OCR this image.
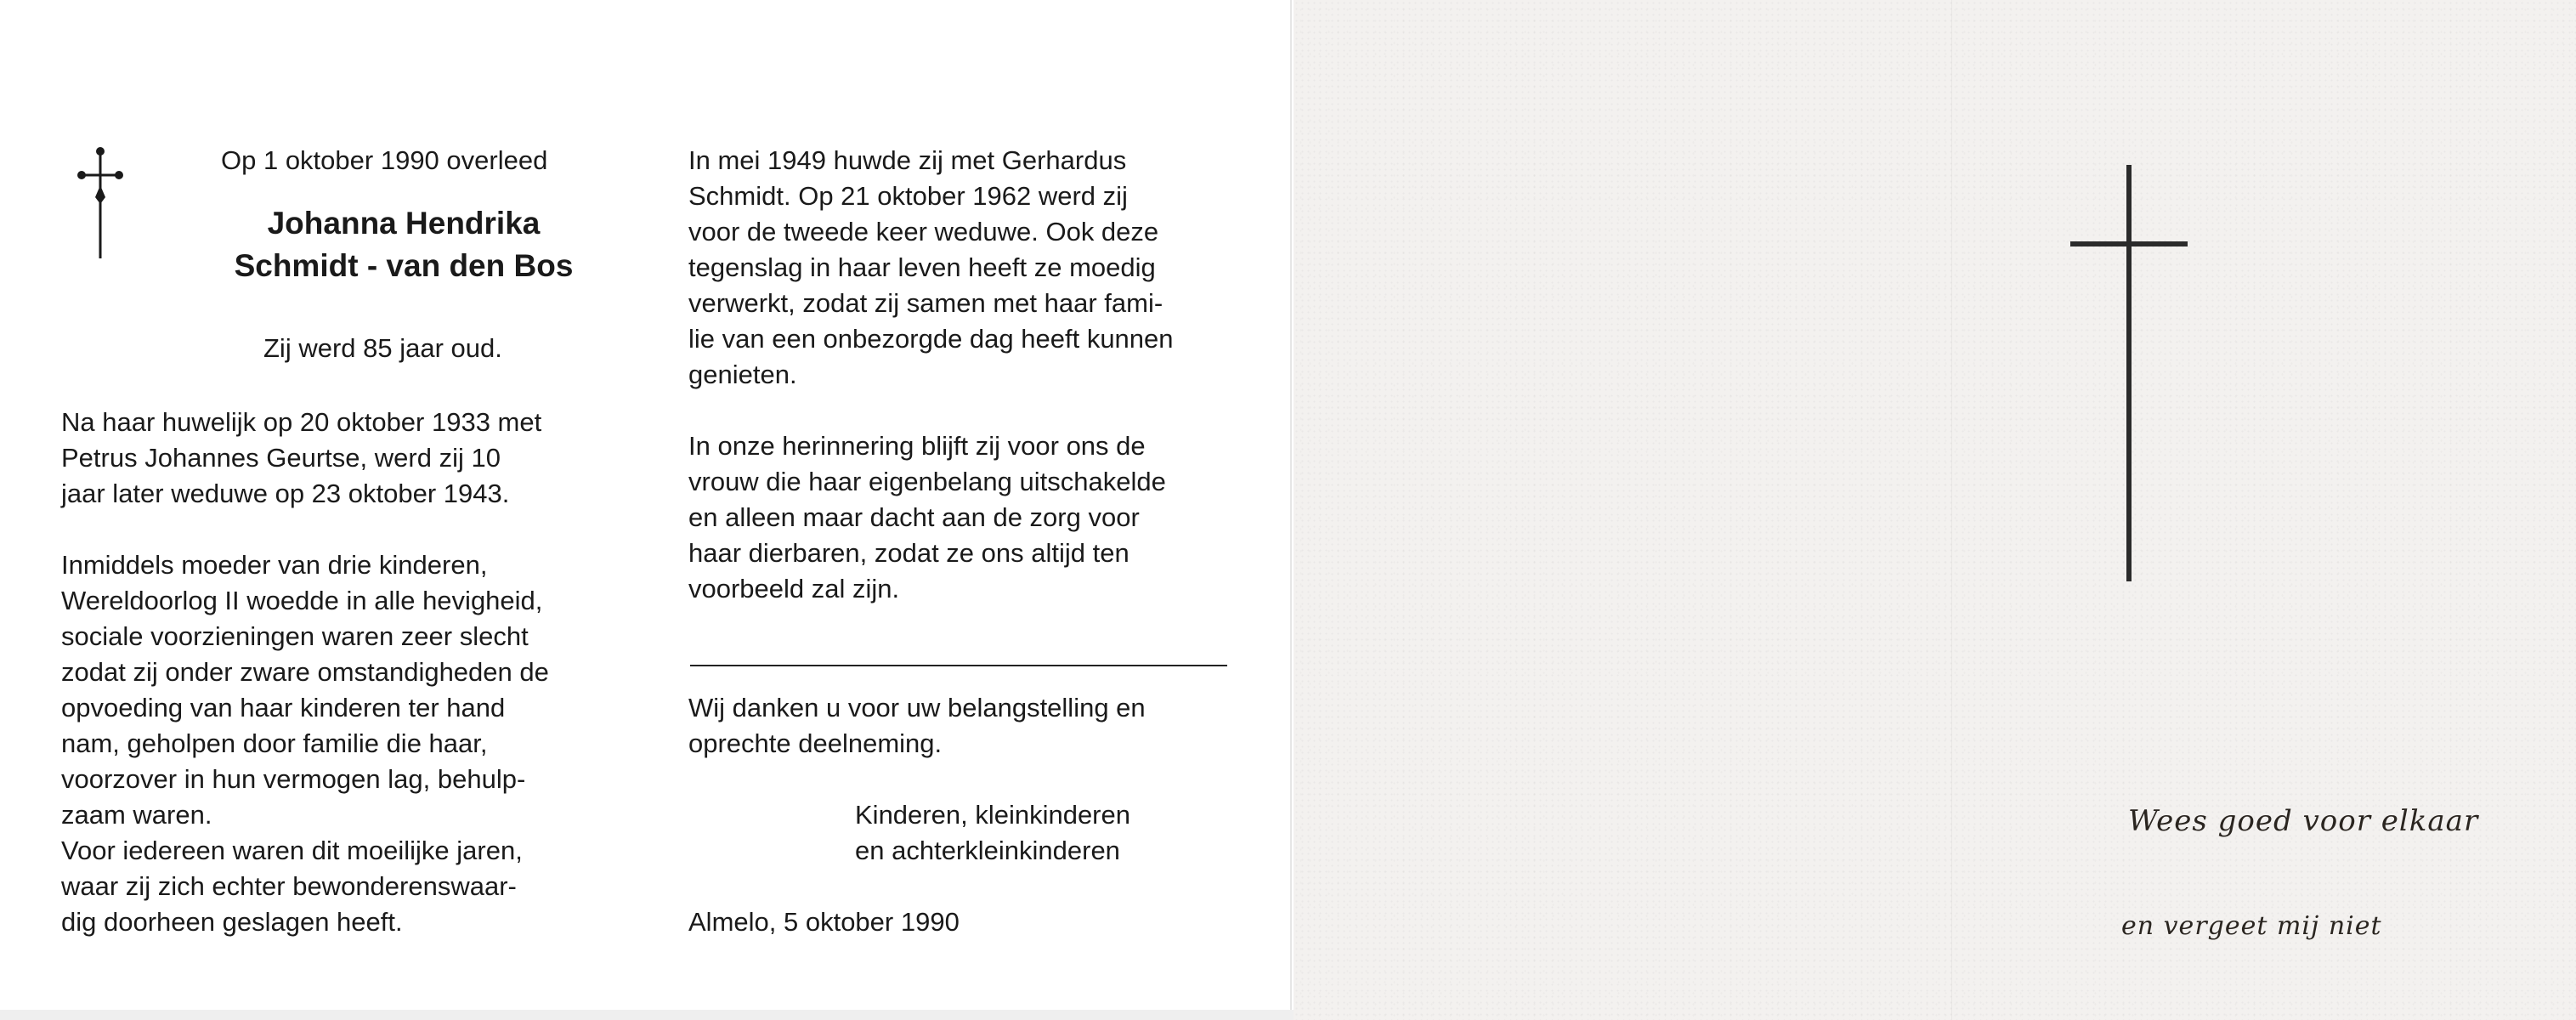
Op 1 oktober 1990 overleed
Johanna Hendrika
Schmidt - van den Bos
Zij werd 85 jaar oud.

Na haar huwelijk op 20 oktober 1933 met

Petrus Johannes Geurtse, werd zij 10

jaar later weduwe op 23 oktober 1943.

Inmiddels moeder van drie kinderen,

Wereldoorlog II woedde in alle hevigheid,

sociale voorzieningen waren zeer slecht

zodat zij onder zware omstandigheden de

opvoeding van haar kinderen ter hand

nam, geholpen door familie die haar,

voorzover in hun vermogen lag, behulp-

zaam waren.

Voor iedereen waren dit moeilijke jaren,

waar zij zich echter bewonderenswaar-

dig doorheen geslagen heeft.

In mei 1949 huwde zij met Gerhardus

Schmidt. Op 21 oktober 1962 werd zij

voor de tweede keer weduwe. Ook deze

tegenslag in haar leven heeft ze moedig

verwerkt, zodat zij samen met haar fami-

lie van een onbezorgde dag heeft kunnen

genieten.

In onze herinnering blijft zij voor ons de

vrouw die haar eigenbelang uitschakelde

en alleen maar dacht aan de zorg voor

haar dierbaren, zodat ze ons altijd ten

voorbeeld zal zijn.

Wij danken u voor uw belangstelling en

oprechte deelneming.

Kinderen, kleinkinderen
en achterkleinkinderen
Almelo, 5 oktober 1990
Wees goed voor elkaar
en vergeet mij niet
